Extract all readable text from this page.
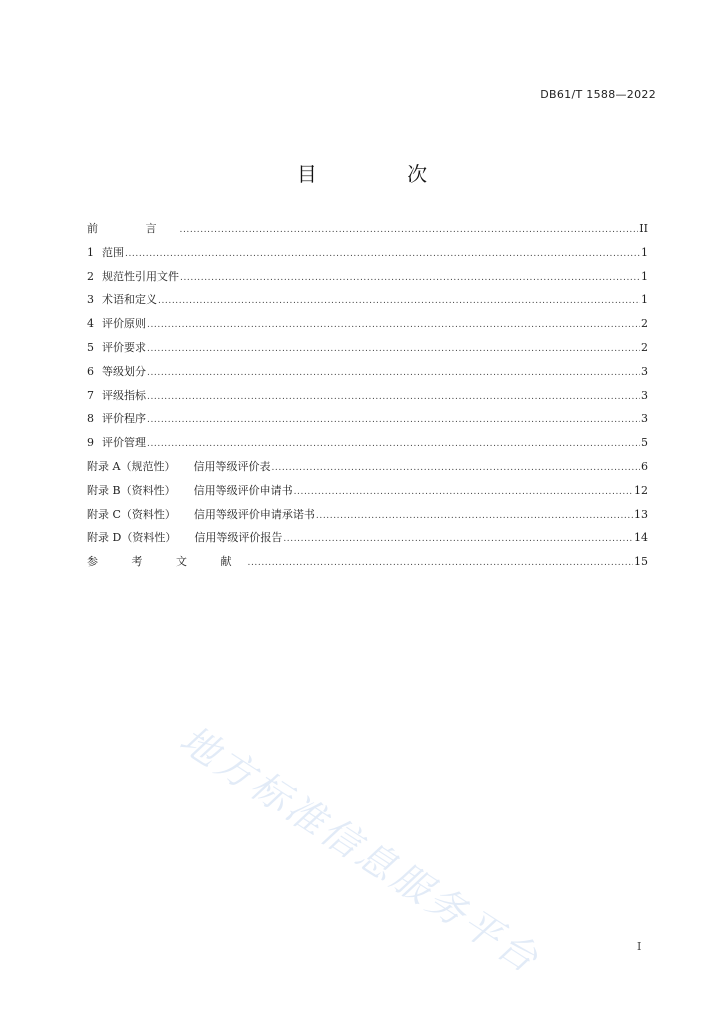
DB61/T 1588—2022
目 次
前 言 .....	II
1 范围 .....	1
2 规范性引用文件 .....	1
3 术语和定义 .....	1
4 评价原则 .....	2
5 评价要求 .....	2
6 等级划分 .....	3
7 评级指标 .....	3
8 评价程序 .....	3
9 评价管理 .....	5
附录 A（规范性）	信用等级评价表 .....	6
附录 B（资料性）	信用等级评价申请书 .....	12
附录 C（资料性）	信用等级评价申请承诺书 .....	13
附录 D（资料性）	信用等级评价报告 .....	14
参 考 文 献 .....	15
地方标准信息服务平台	I
